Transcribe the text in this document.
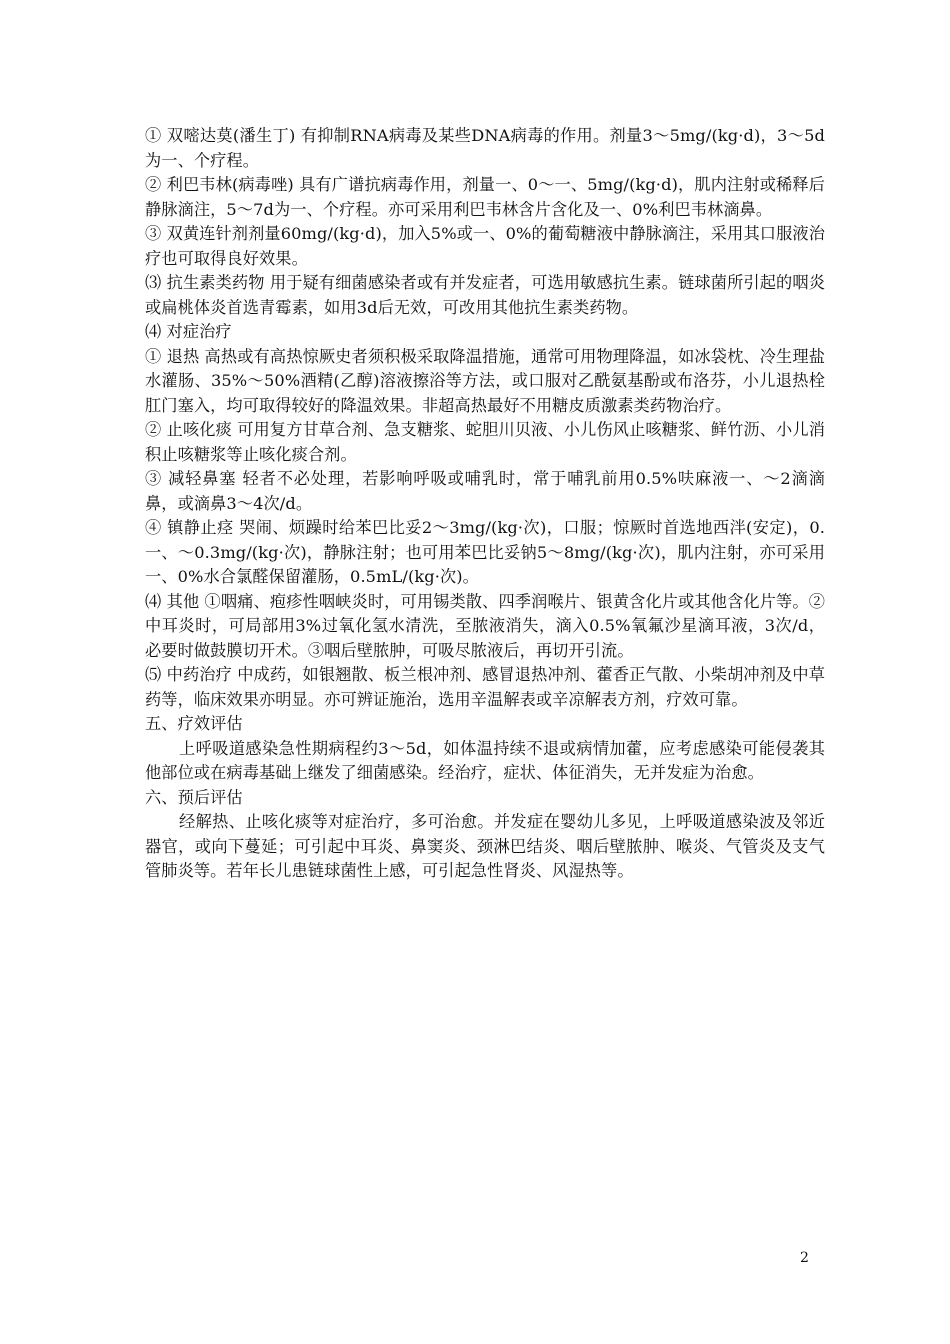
① 双嘧达莫(潘生丁) 有抑制RNA病毒及某些DNA病毒的作用。剂量3～5mg/(kg·d)，3～5d为一、个疗程。

② 利巴韦林(病毒唑) 具有广谱抗病毒作用，剂量一、0～一、5mg/(kg·d)，肌内注射或稀释后静脉滴注，5～7d为一、个疗程。亦可采用利巴韦林含片含化及一、0%利巴韦林滴鼻。

③ 双黄连针剂剂量60mg/(kg·d)，加入5%或一、0%的葡萄糖液中静脉滴注，采用其口服液治疗也可取得良好效果。

⑶ 抗生素类药物 用于疑有细菌感染者或有并发症者，可选用敏感抗生素。链球菌所引起的咽炎或扁桃体炎首选青霉素，如用3d后无效，可改用其他抗生素类药物。

⑷ 对症治疗

① 退热 高热或有高热惊厥史者须积极采取降温措施，通常可用物理降温，如冰袋枕、冷生理盐水灌肠、35%～50%酒精(乙醇)溶液擦浴等方法，或口服对乙酰氨基酚或布洛芬，小儿退热栓肛门塞入，均可取得较好的降温效果。非超高热最好不用糖皮质激素类药物治疗。

② 止咳化痰 可用复方甘草合剂、急支糖浆、蛇胆川贝液、小儿伤风止咳糖浆、鲜竹沥、小儿消积止咳糖浆等止咳化痰合剂。

③ 减轻鼻塞 轻者不必处理，若影响呼吸或哺乳时，常于哺乳前用0.5%呋麻液一、～2滴滴鼻，或滴鼻3～4次/d。

④ 镇静止痉 哭闹、烦躁时给苯巴比妥2～3mg/(kg·次)，口服；惊厥时首选地西泮(安定)，0.一、～0.3mg/(kg·次)，静脉注射；也可用苯巴比妥钠5～8mg/(kg·次)，肌内注射，亦可采用一、0%水合氯醛保留灌肠，0.5mL/(kg·次)。

⑷ 其他 ①咽痛、疱疹性咽峡炎时，可用锡类散、四季润喉片、银黄含化片或其他含化片等。②中耳炎时，可局部用3%过氧化氢水清洗，至脓液消失，滴入0.5%氧氟沙星滴耳液，3次/d，必要时做鼓膜切开术。③咽后壁脓肿，可吸尽脓液后，再切开引流。

⑸ 中药治疗 中成药，如银翘散、板兰根冲剂、感冒退热冲剂、藿香正气散、小柴胡冲剂及中草药等，临床效果亦明显。亦可辨证施治，选用辛温解表或辛凉解表方剂，疗效可靠。

五、疗效评估

上呼吸道感染急性期病程约3～5d，如体温持续不退或病情加藿，应考虑感染可能侵袭其他部位或在病毒基础上继发了细菌感染。经治疗，症状、体征消失，无并发症为治愈。

六、预后评估

经解热、止咳化痰等对症治疗，多可治愈。并发症在婴幼儿多见，上呼吸道感染波及邻近器官，或向下蔓延；可引起中耳炎、鼻窦炎、颈淋巴结炎、咽后壁脓肿、喉炎、气管炎及支气管肺炎等。若年长儿患链球菌性上感，可引起急性肾炎、风湿热等。

2
